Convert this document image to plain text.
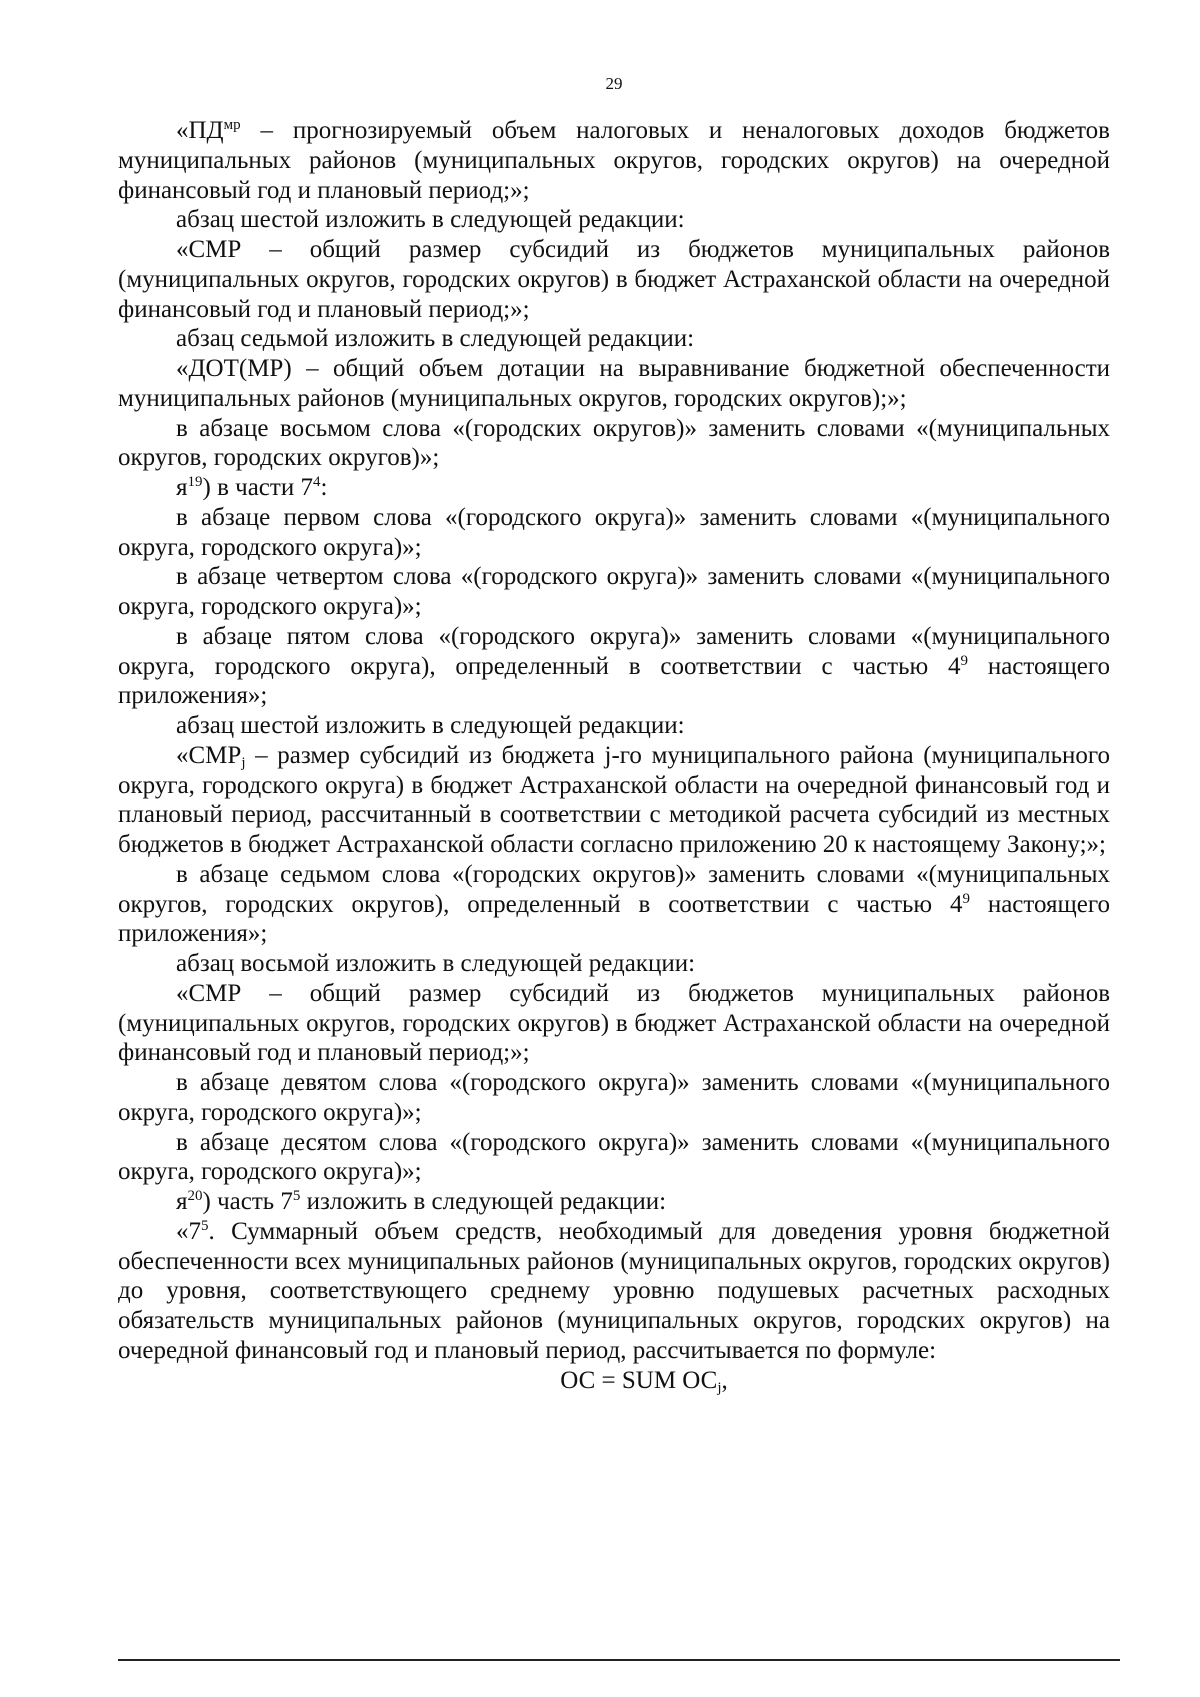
29

«$ПД^{мр}$ – прогнозируемый объем налоговых и неналоговых доходов бюджетов муниципальных районов (муниципальных округов, городских округов) на очередной финансовый год и плановый период;»;

абзац шестой изложить в следующей редакции:

«СМР – общий размер субсидий из бюджетов муниципальных районов (муниципальных округов, городских округов) в бюджет Астраханской области на очередной финансовый год и плановый период;»;

абзац седьмой изложить в следующей редакции:

«ДОТ(МР) – общий объем дотации на выравнивание бюджетной обеспеченности муниципальных районов (муниципальных округов, городских округов);»;

в абзаце восьмом слова «(городских округов)» заменить словами «(муниципальных округов, городских округов)»;

$я^{19}$) в части $7^4$:

в абзаце первом слова «(городского округа)» заменить словами «(муниципального округа, городского округа)»;

в абзаце четвертом слова «(городского округа)» заменить словами «(муниципального округа, городского округа)»;

в абзаце пятом слова «(городского округа)» заменить словами «(муниципального округа, городского округа), определенный в соответствии с частью $4^9$ настоящего приложения»;

абзац шестой изложить в следующей редакции:

«$СМР_j$ – размер субсидий из бюджета j-го муниципального района (муниципального округа, городского округа) в бюджет Астраханской области на очередной финансовый год и плановый период, рассчитанный в соответствии с методикой расчета субсидий из местных бюджетов в бюджет Астраханской области согласно приложению 20 к настоящему Закону;»;

в абзаце седьмом слова «(городских округов)» заменить словами «(муниципальных округов, городских округов), определенный в соответствии с частью $4^9$ настоящего приложения»;

абзац восьмой изложить в следующей редакции:

«СМР – общий размер субсидий из бюджетов муниципальных районов (муниципальных округов, городских округов) в бюджет Астраханской области на очередной финансовый год и плановый период;»;

в абзаце девятом слова «(городского округа)» заменить словами «(муниципального округа, городского округа)»;

в абзаце десятом слова «(городского округа)» заменить словами «(муниципального округа, городского округа)»;

$я^{20}$) часть $7^5$ изложить в следующей редакции:

«$7^5$. Суммарный объем средств, необходимый для доведения уровня бюджетной обеспеченности всех муниципальных районов (муниципальных округов, городских округов) до уровня, соответствующего среднему уровню подушевых расчетных расходных обязательств муниципальных районов (муниципальных округов, городских округов) на очередной финансовый год и плановый период, рассчитывается по формуле:

ОС = SUM $ОС_j$,
